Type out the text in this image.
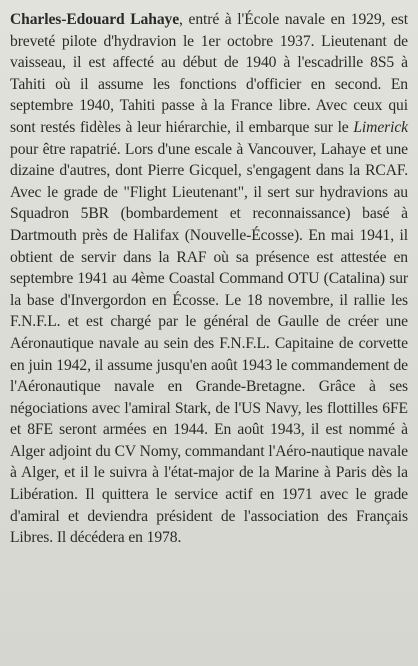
Charles-Edouard Lahaye, entré à l'École navale en 1929, est breveté pilote d'hydravion le 1er octobre 1937. Lieutenant de vaisseau, il est affecté au début de 1940 à l'escadrille 8S5 à Tahiti où il assume les fonctions d'officier en second. En septembre 1940, Tahiti passe à la France libre. Avec ceux qui sont restés fidèles à leur hiérarchie, il embarque sur le Limerick pour être rapatrié. Lors d'une escale à Vancouver, Lahaye et une dizaine d'autres, dont Pierre Gicquel, s'engagent dans la RCAF. Avec le grade de "Flight Lieutenant", il sert sur hydravions au Squadron 5BR (bombardement et reconnaissance) basé à Dartmouth près de Halifax (Nouvelle-Écosse). En mai 1941, il obtient de servir dans la RAF où sa présence est attestée en septembre 1941 au 4ème Coastal Command OTU (Catalina) sur la base d'Invergordon en Écosse. Le 18 novembre, il rallie les F.N.F.L. et est chargé par le général de Gaulle de créer une Aéronautique navale au sein des F.N.F.L. Capitaine de corvette en juin 1942, il assume jusqu'en août 1943 le commandement de l'Aéronautique navale en Grande-Bretagne. Grâce à ses négociations avec l'amiral Stark, de l'US Navy, les flottilles 6FE et 8FE seront armées en 1944. En août 1943, il est nommé à Alger adjoint du CV Nomy, commandant l'Aéro-nautique navale à Alger, et il le suivra à l'état-major de la Marine à Paris dès la Libération. Il quittera le service actif en 1971 avec le grade d'amiral et deviendra président de l'association des Français Libres. Il décédera en 1978.
